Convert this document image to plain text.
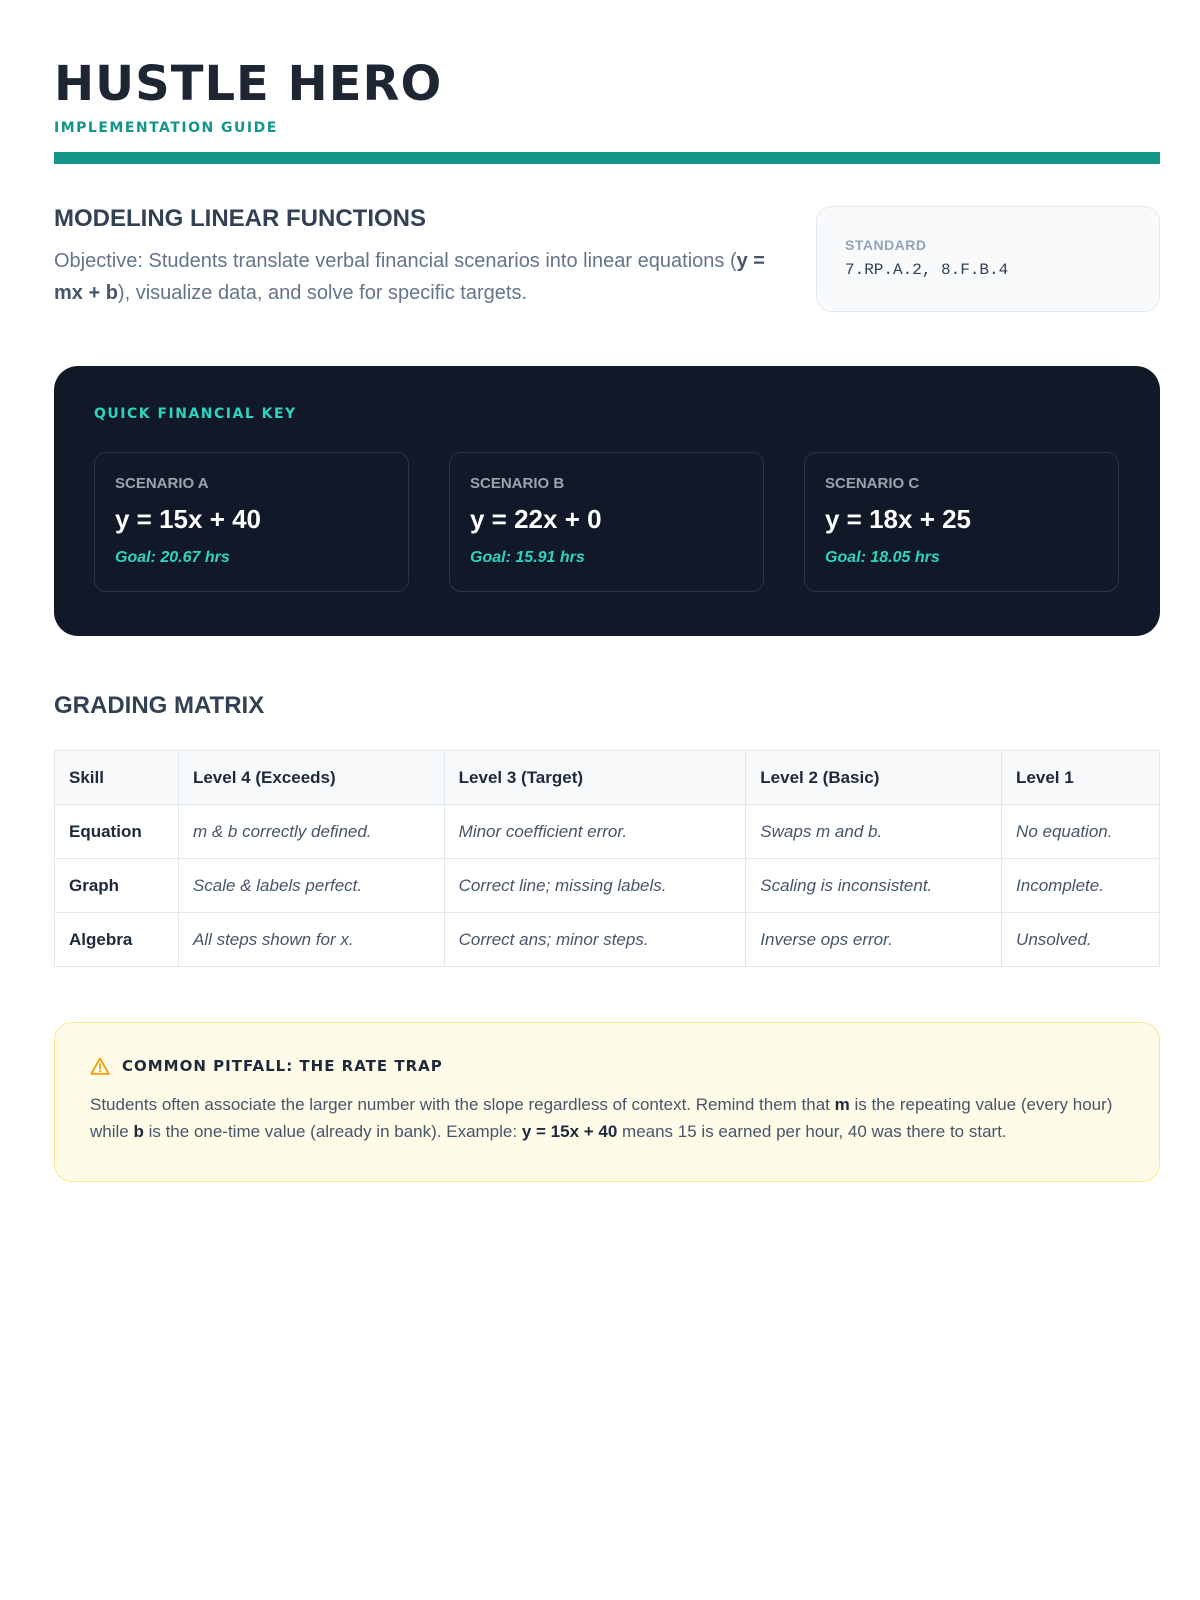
HUSTLE HERO
IMPLEMENTATION GUIDE
MODELING LINEAR FUNCTIONS

Objective: Students translate verbal financial scenarios into linear equations (y = mx + b), visualize data, and solve for specific targets.

STANDARD
7.RP.A.2, 8.F.B.4
QUICK FINANCIAL KEY
SCENARIO A
y = 15x + 40
Goal: 20.67 hrs
SCENARIO B
y = 22x + 0
Goal: 15.91 hrs
SCENARIO C
y = 18x + 25
Goal: 18.05 hrs
GRADING MATRIX
Skill	Level 4 (Exceeds)	Level 3 (Target)	Level 2 (Basic)	Level 1
Equation	m & b correctly defined.	Minor coefficient error.	Swaps m and b.	No equation.
Graph	Scale & labels perfect.	Correct line; missing labels.	Scaling is inconsistent.	Incomplete.
Algebra	All steps shown for x.	Correct ans; minor steps.	Inverse ops error.	Unsolved.
COMMON PITFALL: THE RATE TRAP

Students often associate the larger number with the slope regardless of context. Remind them that m is the repeating value (every hour) while b is the one-time value (already in bank). Example: y = 15x + 40 means 15 is earned per hour, 40 was there to start.
